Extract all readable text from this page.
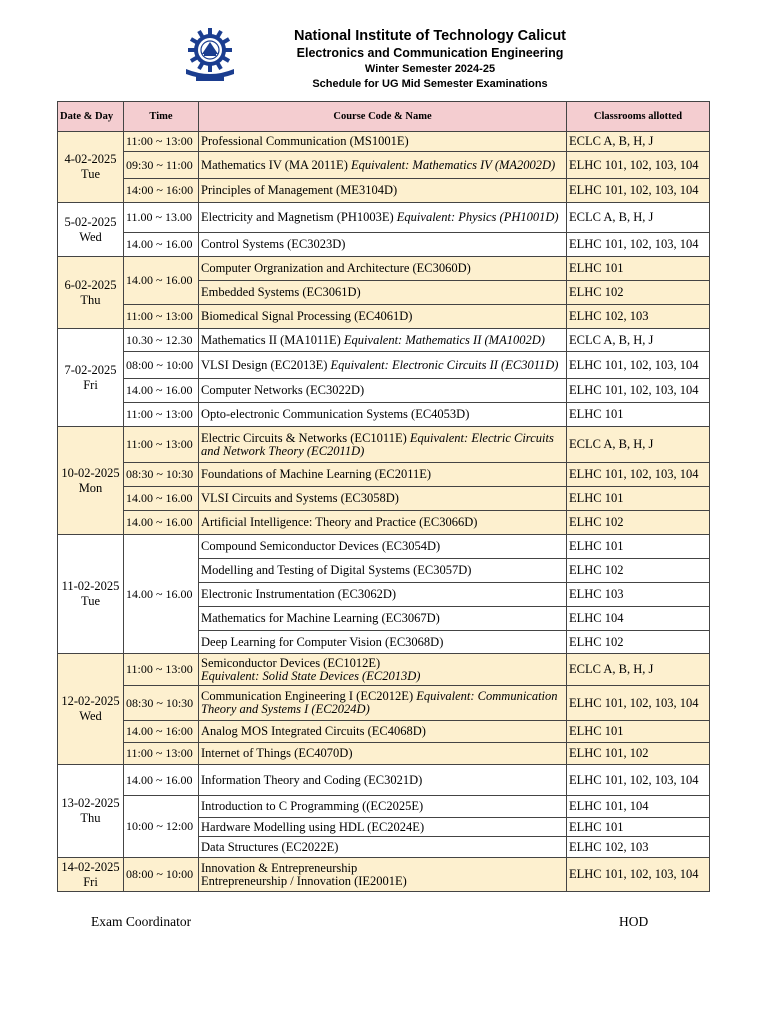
National Institute of Technology Calicut
Electronics and Communication Engineering
Winter Semester 2024-25
Schedule for UG Mid Semester Examinations
Date & Day	Time	Course Code & Name	Classrooms allotted
4-02-2025
Tue	11:00 ~ 13:00	Professional Communication (MS1001E)	ECLC A, B, H, J
	09:30 ~ 11:00	Mathematics IV (MA 2011E) Equivalent: Mathematics IV (MA2002D)	ELHC 101, 102, 103, 104
	14:00 ~ 16:00	Principles of Management (ME3104D)	ELHC 101, 102, 103, 104
5-02-2025
Wed	11.00 ~ 13.00	Electricity and Magnetism (PH1003E) Equivalent: Physics (PH1001D)	ECLC A, B, H, J
	14.00 ~ 16.00	Control Systems (EC3023D)	ELHC 101, 102, 103, 104
6-02-2025
Thu	14.00 ~ 16.00	Computer Orgranization and Architecture (EC3060D)	ELHC 101
		Embedded Systems (EC3061D)	ELHC 102
	11:00 ~ 13:00	Biomedical Signal Processing (EC4061D)	ELHC 102, 103
7-02-2025
Fri	10.30 ~ 12.30	Mathematics II (MA1011E) Equivalent: Mathematics II (MA1002D)	ECLC A, B, H, J
	08:00 ~ 10:00	VLSI Design (EC2013E) Equivalent: Electronic Circuits II (EC3011D)	ELHC 101, 102, 103, 104
	14.00 ~ 16.00	Computer Networks (EC3022D)	ELHC 101, 102, 103, 104
	11:00 ~ 13:00	Opto-electronic Communication Systems (EC4053D)	ELHC 101
10-02-2025
Mon	11:00 ~ 13:00	Electric Circuits & Networks (EC1011E) Equivalent: Electric Circuits and Network Theory (EC2011D)	ECLC A, B, H, J
	08:30 ~ 10:30	Foundations of Machine Learning (EC2011E)	ELHC 101, 102, 103, 104
	14.00 ~ 16.00	VLSI Circuits and Systems (EC3058D)	ELHC 101
	14.00 ~ 16.00	Artificial Intelligence: Theory and Practice (EC3066D)	ELHC 102
11-02-2025
Tue	14.00 ~ 16.00	Compound Semiconductor Devices (EC3054D)	ELHC 101
		Modelling and Testing of Digital Systems (EC3057D)	ELHC 102
		Electronic Instrumentation (EC3062D)	ELHC 103
		Mathematics for Machine Learning (EC3067D)	ELHC 104
		Deep Learning for Computer Vision (EC3068D)	ELHC 102
12-02-2025
Wed	11:00 ~ 13:00	Semiconductor Devices (EC1012E)
Equivalent: Solid State Devices (EC2013D)	ECLC A, B, H, J
	08:30 ~ 10:30	Communication Engineering I (EC2012E) Equivalent: Communication Theory and Systems I (EC2024D)	ELHC 101, 102, 103, 104
	14.00 ~ 16:00	Analog MOS Integrated Circuits (EC4068D)	ELHC 101
	11:00 ~ 13:00	Internet of Things (EC4070D)	ELHC 101, 102
13-02-2025
Thu	14.00 ~ 16.00	Information Theory and Coding (EC3021D)	ELHC 101, 102, 103, 104
	10:00 ~ 12:00	Introduction to C Programming ((EC2025E)	ELHC 101, 104
		Hardware Modelling using HDL (EC2024E)	ELHC 101
		Data Structures (EC2022E)	ELHC 102, 103
14-02-2025
Fri	08:00 ~ 10:00	Innovation & Entrepreneurship
Entrepreneurship / Innovation (IE2001E)	ELHC 101, 102, 103, 104
Exam Coordinator	HOD
